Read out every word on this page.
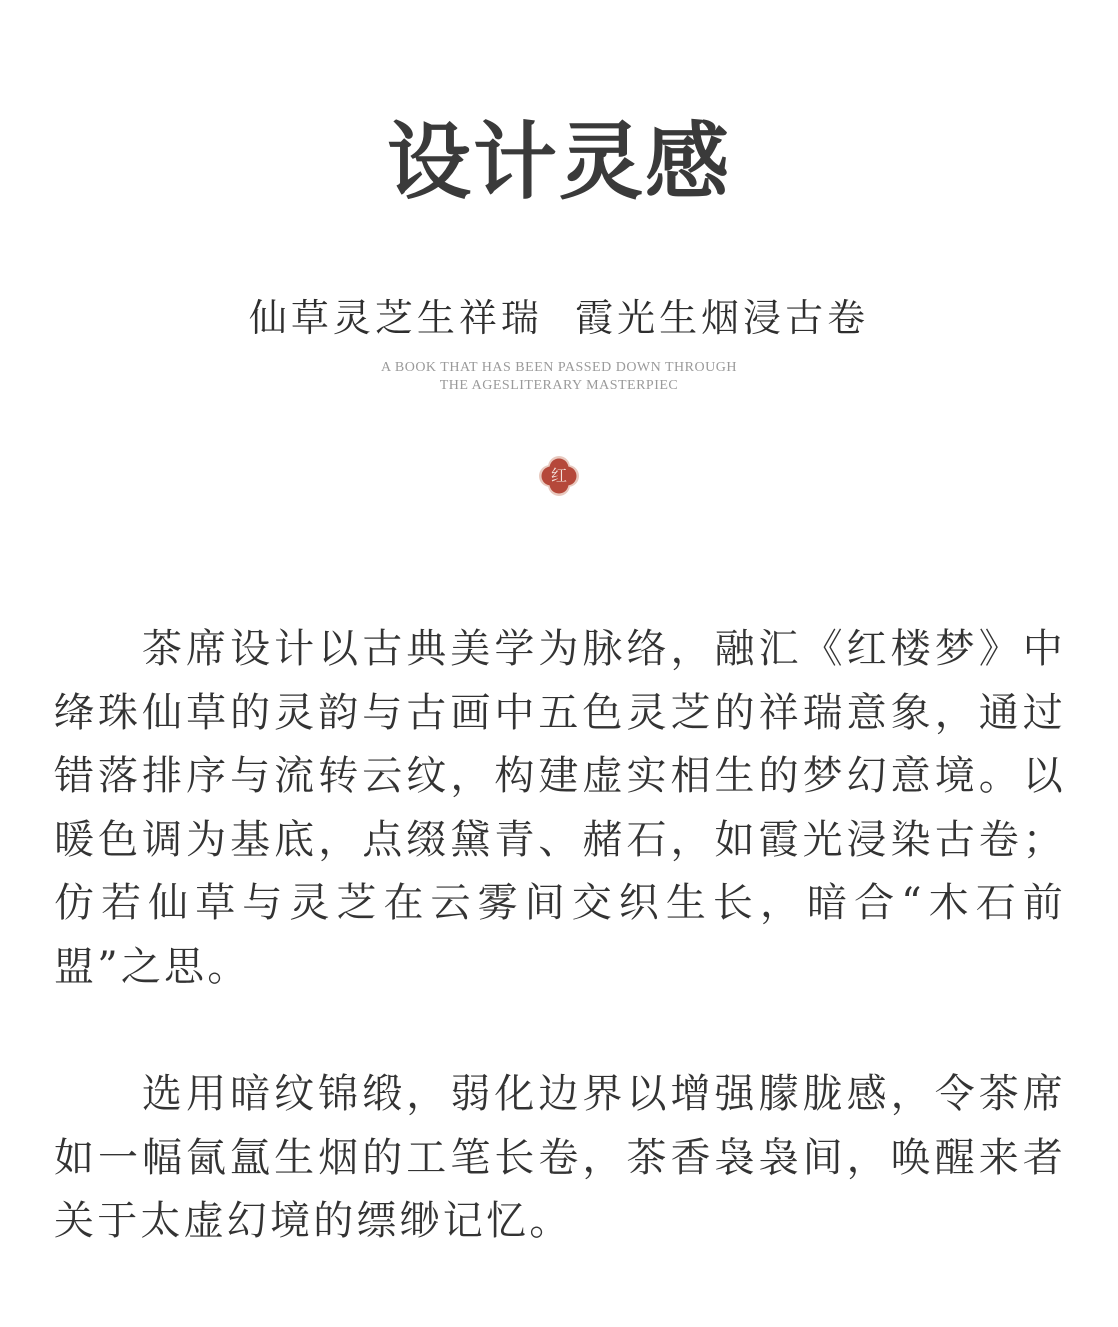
设计灵感
仙草灵芝生祥瑞  霞光生烟浸古卷
A BOOK THAT HAS BEEN PASSED DOWN THROUGH
THE AGESLITERARY MASTERPIEC
红
茶席设计以古典美学为脉络，融汇《红楼梦》中绛珠仙草的灵韵与古画中五色灵芝的祥瑞意象，通过错落排序与流转云纹，构建虚实相生的梦幻意境。以暖色调为基底，点缀黛青、赭石，如霞光浸染古卷；仿若仙草与灵芝在云雾间交织生长，暗合“木石前盟”之思。
选用暗纹锦缎，弱化边界以增强朦胧感，令茶席如一幅氤氲生烟的工笔长卷，茶香袅袅间，唤醒来者关于太虚幻境的缥缈记忆。
